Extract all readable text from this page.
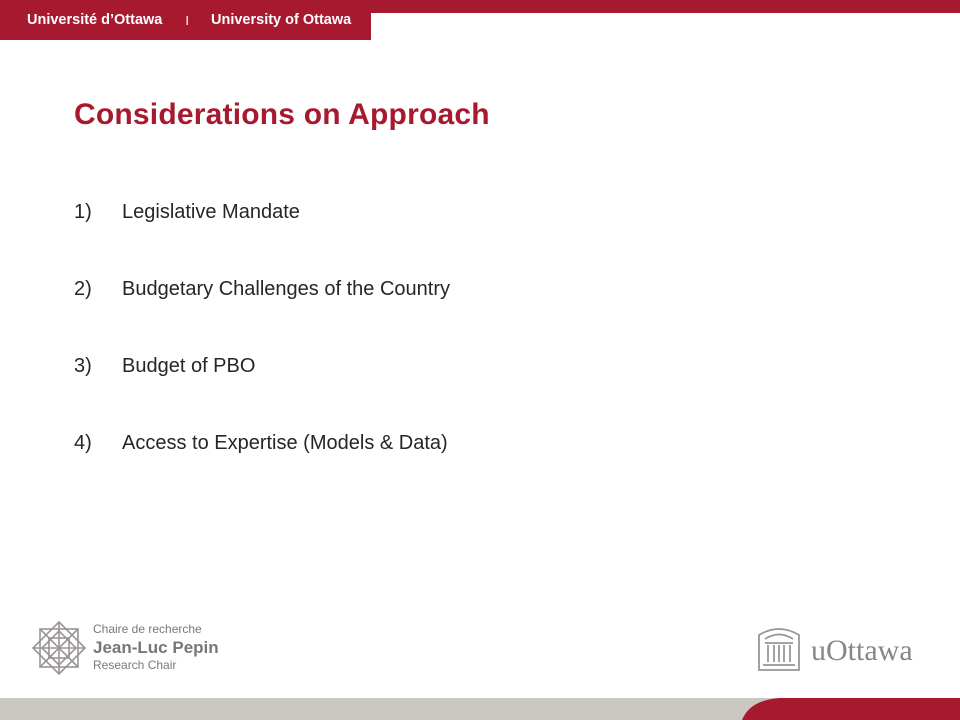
Université d’Ottawa I University of Ottawa
Considerations on Approach
1)	Legislative Mandate
2)	Budgetary Challenges of the Country
3)	Budget of PBO
4)	Access to Expertise (Models & Data)
Chaire de recherche
Jean-Luc Pepin
Research Chair	uOttawa
